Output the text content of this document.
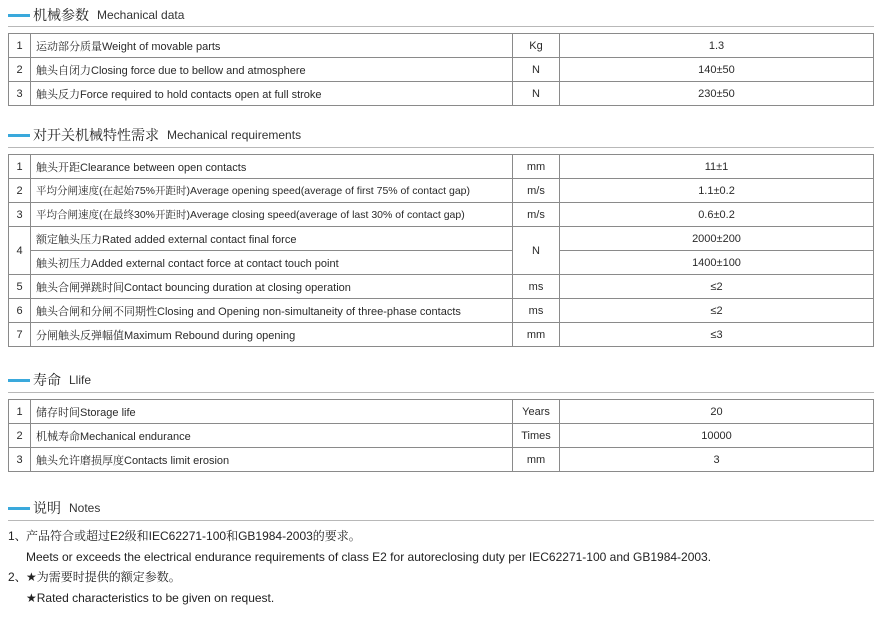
机械参数 Mechanical data
1	运动部分质量Weight of movable parts	Kg	1.3
2	触头自闭力Closing force due to bellow and atmosphere	N	140±50
3	触头反力Force required to hold contacts open at full stroke	N	230±50
对开关机械特性需求 Mechanical requirements
1	触头开距Clearance between open contacts	mm	11±1
2	平均分闸速度(在起始75%开距时)Average opening speed(average of first 75% of contact gap)	m/s	1.1±0.2
3	平均合闸速度(在最终30%开距时)Average closing speed(average of last 30% of contact gap)	m/s	0.6±0.2
4	额定触头压力Rated added external contact final force	N	2000±200
	触头初压力Added external contact force at contact touch point		1400±100
5	触头合闸弹跳时间Contact bouncing duration at closing operation	ms	≤2
6	触头合闸和分闸不同期性Closing and Opening non-simultaneity of three-phase contacts	ms	≤2
7	分闸触头反弹幅值Maximum Rebound during opening	mm	≤3
寿命 Llife
1	储存时间Storage life	Years	20
2	机械寿命Mechanical endurance	Times	10000
3	触头允许磨损厚度Contacts limit erosion	mm	3
说明 Notes
1、产品符合或超过E2级和IEC62271-100和GB1984-2003的要求。
Meets or exceeds the electrical endurance requirements of class E2 for autoreclosing duty per IEC62271-100 and GB1984-2003.
2、★为需要时提供的额定参数。
★Rated characteristics to be given on request.
